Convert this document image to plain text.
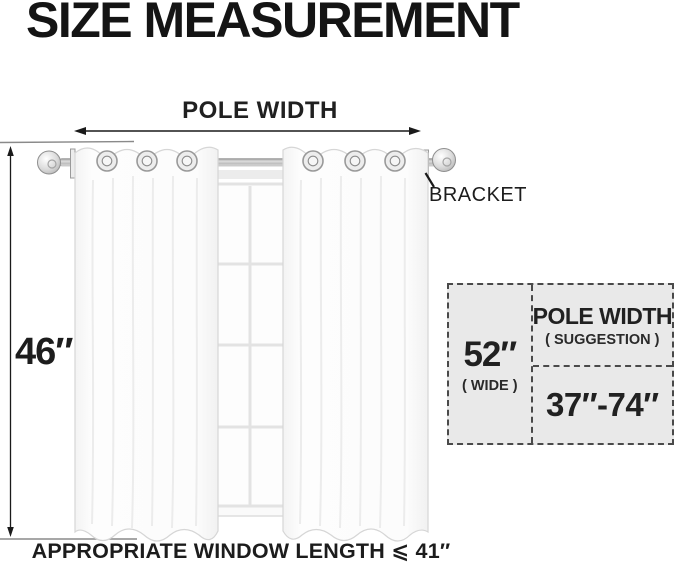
SIZE MEASUREMENT
POLE WIDTH
46″
BRACKET
APPROPRIATE WINDOW LENGTH ⩽ 41″
52″
( WIDE )
POLE WIDTH
( SUGGESTION )
37″-74″
